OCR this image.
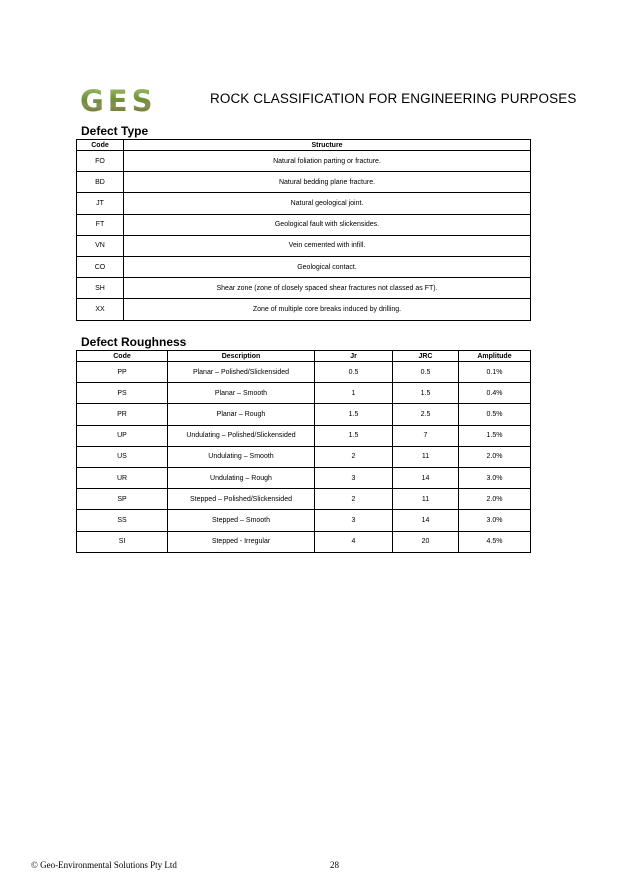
GES	ROCK CLASSIFICATION FOR ENGINEERING PURPOSES
Defect Type
Code	Structure
FO	Natural foliation parting or fracture.
BD	Natural bedding plane fracture.
JT	Natural geological joint.
FT	Geological fault with slickensides.
VN	Vein cemented with infill.
CO	Geological contact.
SH	Shear zone (zone of closely spaced shear fractures not classed as FT).
XX	Zone of multiple core breaks induced by drilling.
Defect Roughness
Code	Description	Jr	JRC	Amplitude
PP	Planar – Polished/Slickensided	0.5	0.5	0.1%
PS	Planar – Smooth	1	1.5	0.4%
PR	Planar – Rough	1.5	2.5	0.5%
UP	Undulating – Polished/Slickensided	1.5	7	1.5%
US	Undulating – Smooth	2	11	2.0%
UR	Undulating – Rough	3	14	3.0%
SP	Stepped – Polished/Slickensided	2	11	2.0%
SS	Stepped – Smooth	3	14	3.0%
SI	Stepped - Irregular	4	20	4.5%
© Geo-Environmental Solutions Pty Ltd	28
